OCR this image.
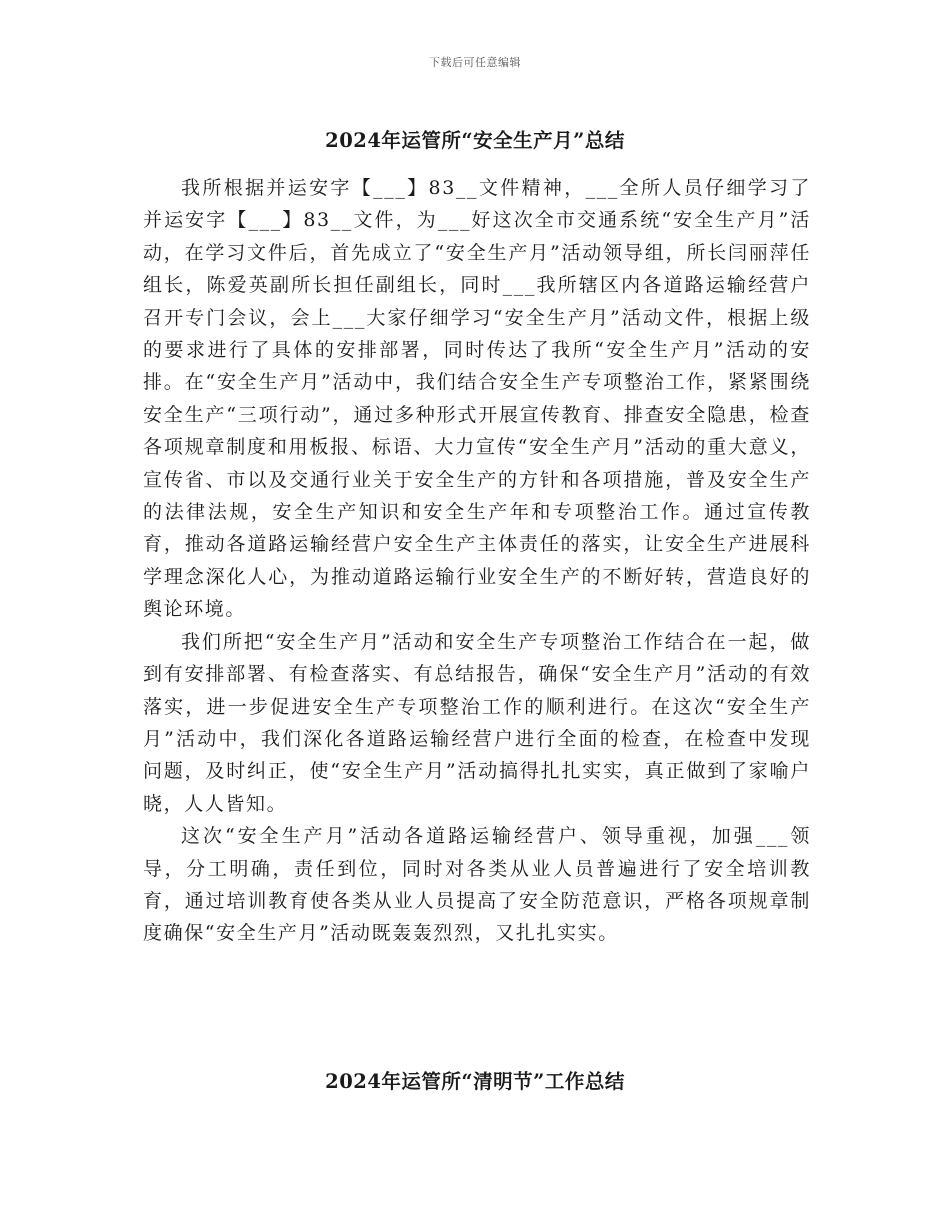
下载后可任意编辑
2024年运管所“安全生产月”总结

我所根据并运安字【___】83__文件精神，___全所人员仔细学习了并运安字【___】83__文件，为___好这次全市交通系统“安全生产月”活动，在学习文件后，首先成立了“安全生产月”活动领导组，所长闫丽萍任组长，陈爱英副所长担任副组长，同时___我所辖区内各道路运输经营户召开专门会议，会上___大家仔细学习“安全生产月”活动文件，根据上级的要求进行了具体的安排部署，同时传达了我所“安全生产月”活动的安排。在“安全生产月”活动中，我们结合安全生产专项整治工作，紧紧围绕安全生产“三项行动”，通过多种形式开展宣传教育、排查安全隐患，检查各项规章制度和用板报、标语、大力宣传“安全生产月”活动的重大意义，宣传省、市以及交通行业关于安全生产的方针和各项措施，普及安全生产的法律法规，安全生产知识和安全生产年和专项整治工作。通过宣传教育，推动各道路运输经营户安全生产主体责任的落实，让安全生产进展科学理念深化人心，为推动道路运输行业安全生产的不断好转，营造良好的舆论环境。

我们所把“安全生产月”活动和安全生产专项整治工作结合在一起，做到有安排部署、有检查落实、有总结报告，确保“安全生产月”活动的有效落实，进一步促进安全生产专项整治工作的顺利进行。在这次“安全生产月”活动中，我们深化各道路运输经营户进行全面的检查，在检查中发现问题，及时纠正，使“安全生产月”活动搞得扎扎实实，真正做到了家喻户晓，人人皆知。

这次“安全生产月”活动各道路运输经营户、领导重视，加强___领导，分工明确，责任到位，同时对各类从业人员普遍进行了安全培训教育，通过培训教育使各类从业人员提高了安全防范意识，严格各项规章制度确保“安全生产月”活动既轰轰烈烈，又扎扎实实。

2024年运管所“清明节”工作总结
